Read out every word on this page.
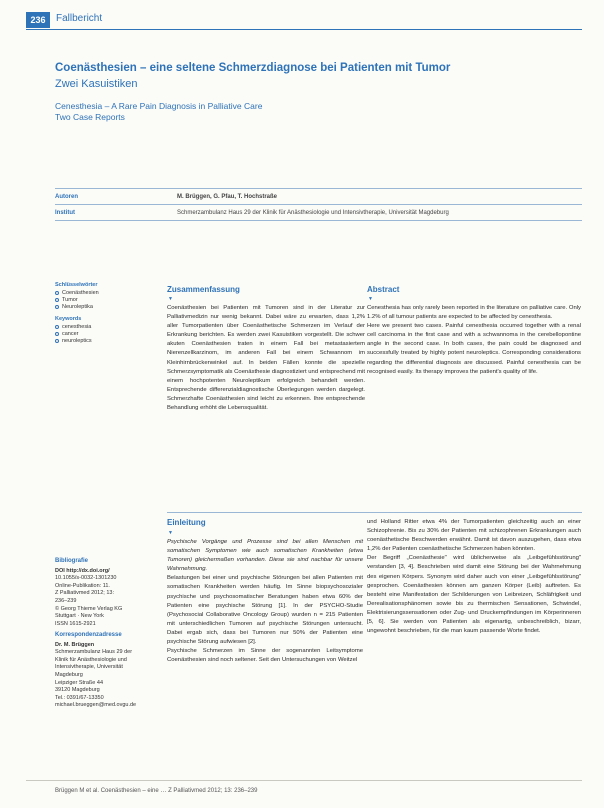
236	Fallbericht
Coenästhesien – eine seltene Schmerzdiagnose bei Patienten mit Tumor
Zwei Kasuistiken
Cenesthesia – A Rare Pain Diagnosis in Palliative Care
Two Case Reports
Autoren	M. Brüggen, G. Pfau, T. Hochstraße
Institut	Schmerzambulanz Haus 29 der Klinik für Anästhesiologie und Intensivtherapie, Universität Magdeburg
Schlüsselwörter
Coenästhesien
Tumor
Neuroleptika
Keywords
cenesthesia
cancer
neuroleptics
Zusammenfassung
▼
Coenästhesien bei Patienten mit Tumoren sind in der Literatur zur Palliativmedizin nur wenig bekannt. Dabei wäre zu erwarten, dass 1,2% aller Tumorpatienten über Coenästhetische Schmerzen im Verlauf der Erkrankung berichten. Es werden zwei Kasuistiken vorgestellt. Die schwer akuten Coenästhesien traten in einem Fall bei metastasiertem Nierenzellkarzinom, im anderen Fall bei einem Schwannom im Kleinhirnbrückenwinkel auf. In beiden Fällen konnte die spezielle Schmerzsymptomatik als Coenästhesie diagnostiziert und entsprechend mit einem hochpotenten Neuroleptikum erfolgreich behandelt werden. Entsprechende differenzialdiagnostische Überlegungen werden dargelegt. Schmerzhafte Coenästhesien sind leicht zu erkennen. Ihre entsprechende Behandlung erhöht die Lebensqualität.
Abstract
▼

Cenesthesia has only rarely been reported in the literature on palliative care. Only 1.2% of all tumour patients are expected to be affected by cenesthesia.

Here we present two cases. Painful cenesthesia occurred together with a renal cell carcinoma in the first case and with a schwannoma in the cerebellopontine angle in the second case. In both cases, the pain could be diagnosed and successfully treated by highly potent neuroleptics. Corresponding considerations regarding the differential diagnosis are discussed. Painful cenesthesia can be recognised easily. Its therapy improves the patient's quality of life.

Einleitung
▼

Psychische Vorgänge und Prozesse sind bei allen Menschen mit somatischen Symptomen wie auch somatischen Krankheiten (etwa Tumoren) gleichermaßen vorhanden. Diese sie sind nachbar für unsere Wahrnehmung.

Belastungen bei einer und psychische Störungen bei allen Patienten mit somatischen Krankheiten werden häufig. Im Sinne biopsychosozialer psychische und psychosomatischer Beratungen haben etwa 60% der Patienten eine psychische Störung [1]. In der PSYCHO-Studie (Psychosocial Collaborative Oncology Group) wurden n = 215 Patienten mit unterschiedlichen Tumoren auf psychische Störungen untersucht. Dabei ergab sich, dass bei Tumoren nur 50% der Patienten eine psychische Störung aufwiesen [2].

Psychische Schmerzen im Sinne der sogenannten Leitsymptome Coenästhesien sind noch seltener. Seit den Untersuchungen von Weitzel

und Holland Ritter etwa 4% der Tumorpatienten gleichzeitig auch an einer Schizophrenie. Bis zu 30% der Patienten mit schizophrenen Erkrankungen auch coenästhetische Beschwerden erwähnt. Damit ist davon auszugehen, dass etwa 1,2% der Patienten coenästhetische Schmerzen haben könnten.

Der Begriff „Coenästhesie" wird üblicherweise als „Leibgefühlsstörung" verstanden [3, 4]. Beschrieben wird damit eine Störung bei der Wahrnehmung des eigenen Körpers. Synonym wird daher auch von einer „Leibgefühlsstörung" gesprochen. Coenästhesien können am ganzen Körper (Leib) auftreten. Es besteht eine Manifestation der Schilderungen von Leibreizen, Schläfrigkeit und Derealisationsphänomen sowie bis zu thermischen Sensationen, Schwindel, Elektrisierungssensationen oder Zug- und Druckempfindungen im Körperinneren [5, 6]. Sie werden von Patienten als eigenartig, unbeschreiblich, bizarr, ungewohnt beschrieben, für die man kaum passende Worte findet.

Bibliografie
DOI http://dx.doi.org/
10.1055/s-0032-1301230
Online-Publikation: 11.
Z Palliativmed 2012; 13:
236–239
© Georg Thieme Verlag KG
Stuttgart · New York
ISSN 1615-2921
Korrespondenzadresse
Dr. M. Brüggen
Schmerzambulanz Haus 29 der
Klinik für Anästhesiologie und
Intensivtherapie, Universität
Magdeburg
Leipziger Straße 44
39120 Magdeburg
Tel.: 0391/67-13350
michael.brueggen@med.ovgu.de
Brüggen M et al. Coenästhesien – eine … Z Palliativmed 2012; 13: 236–239
